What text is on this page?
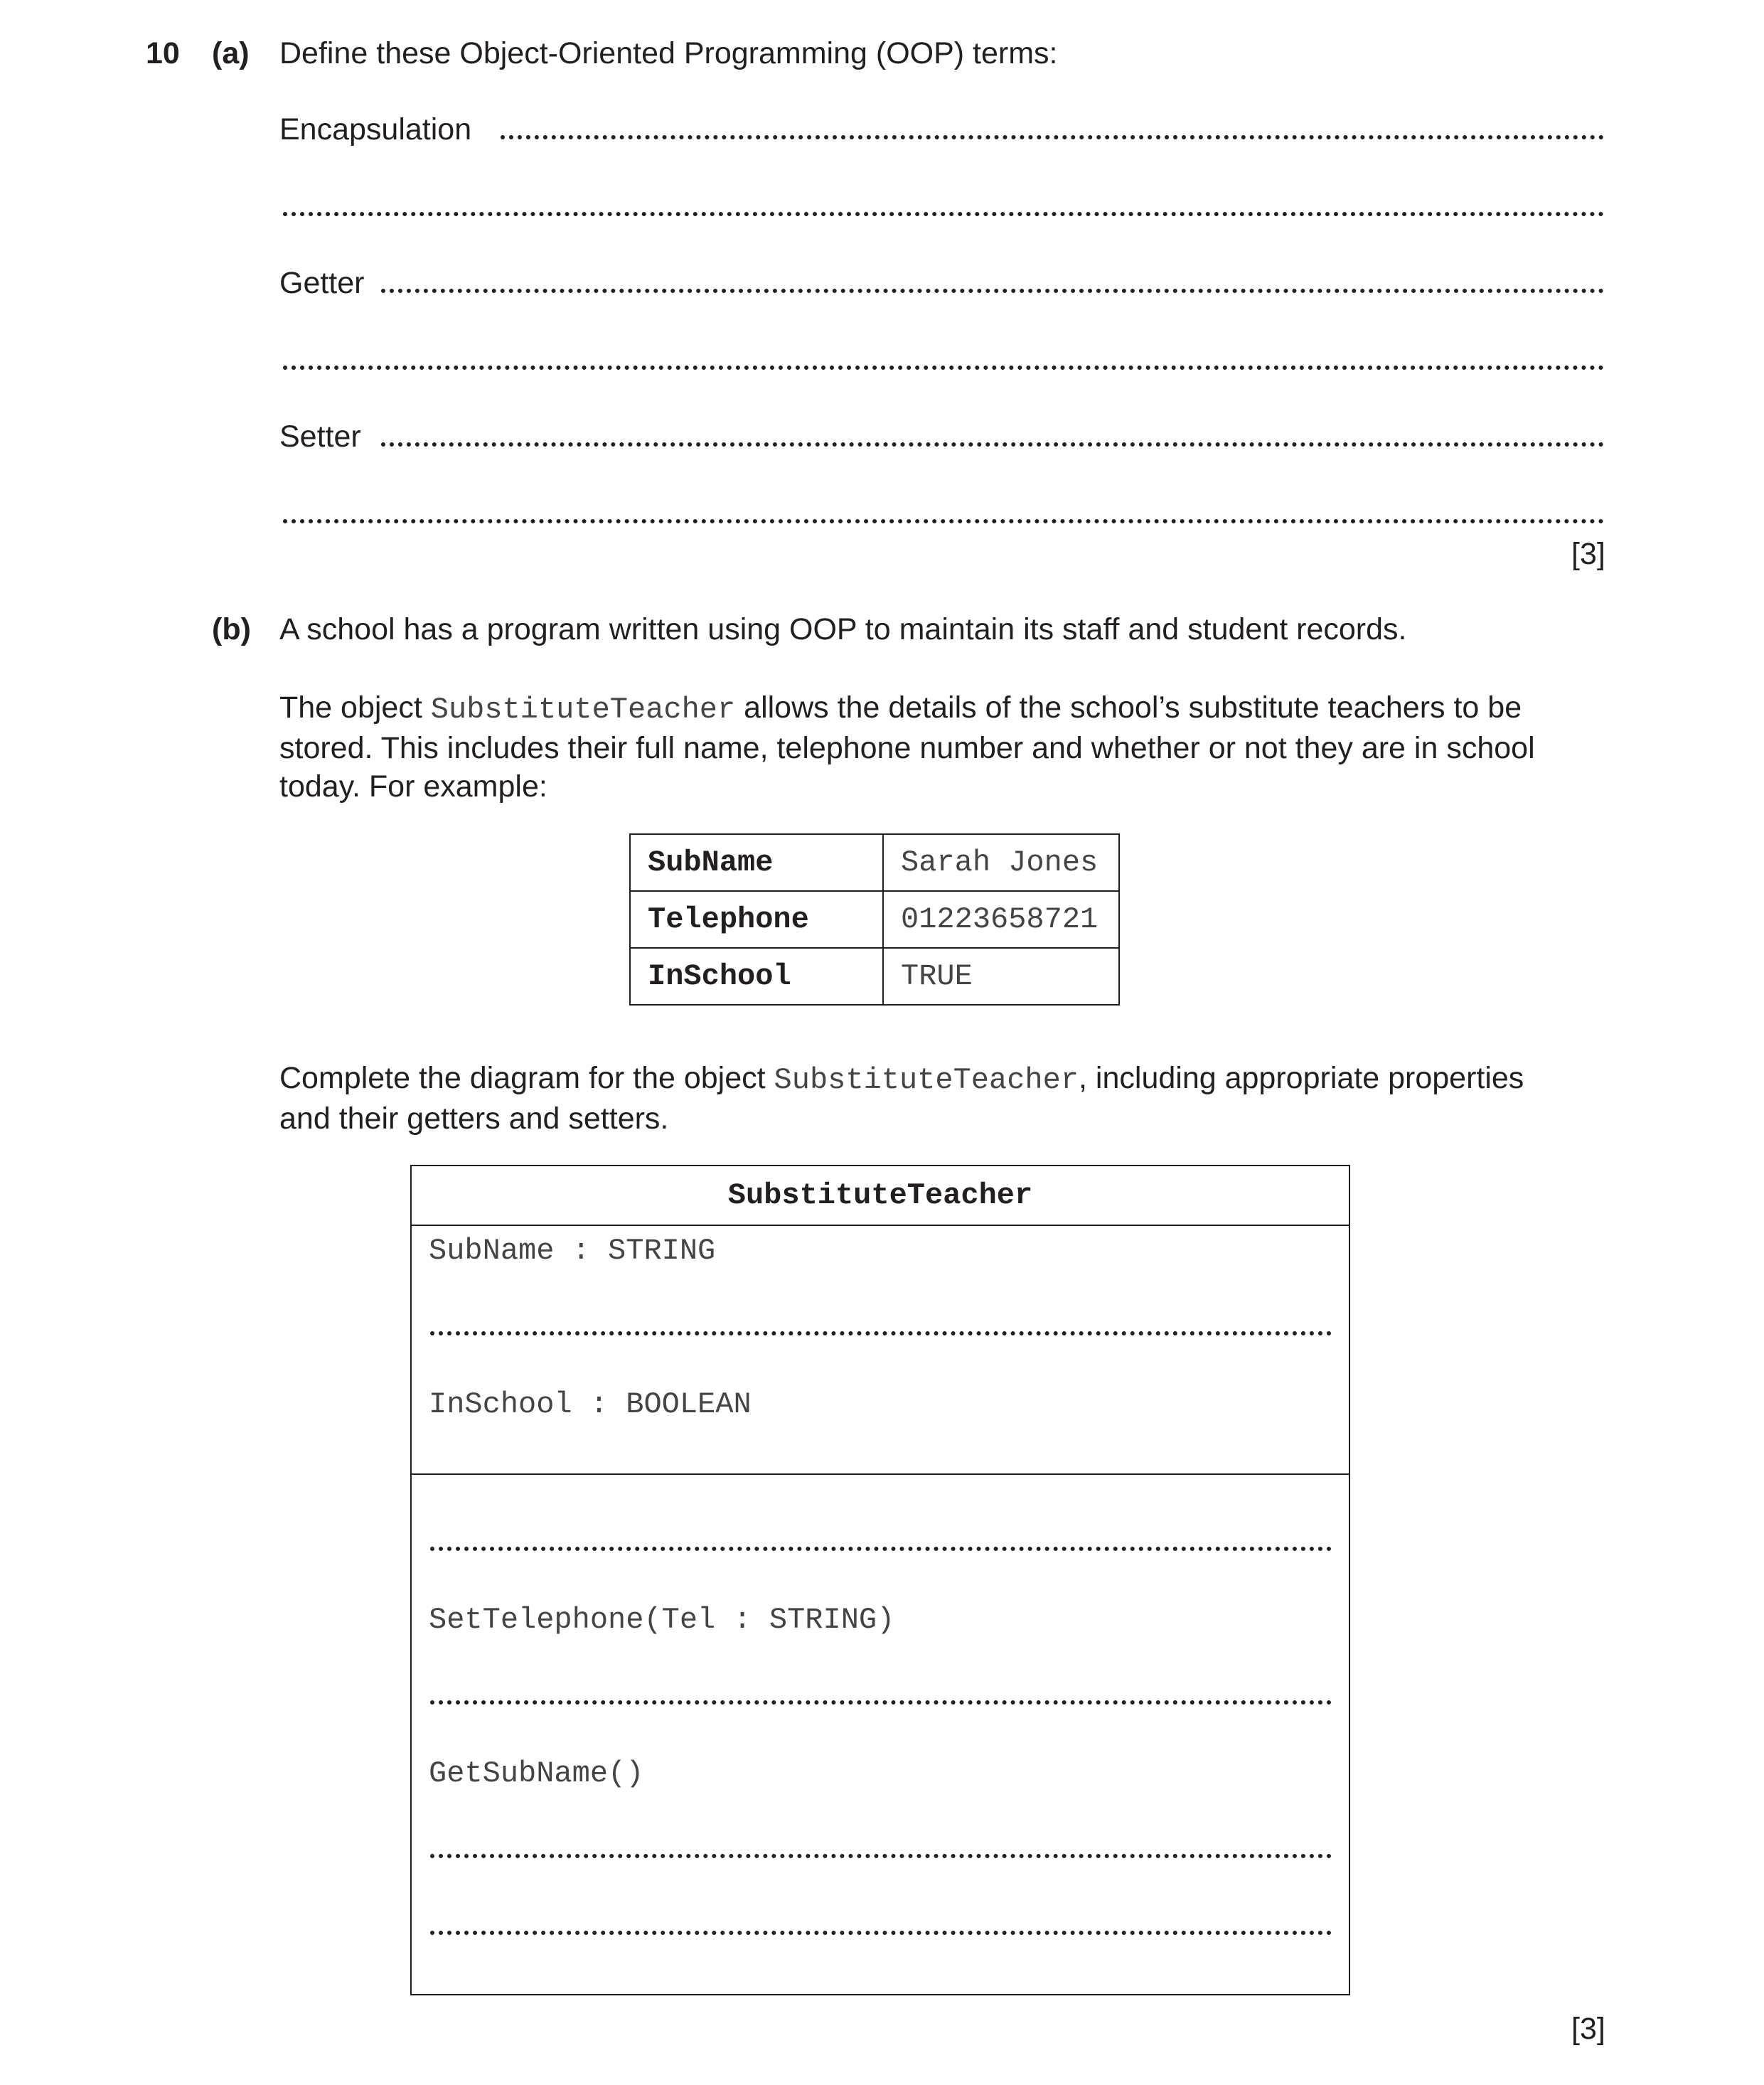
10 (a) Define these Object-Oriented Programming (OOP) terms:
Encapsulation
Getter
Setter
[3]
(b) A school has a program written using OOP to maintain its staff and student records.
The object SubstituteTeacher allows the details of the school’s substitute teachers to be
stored. This includes their full name, telephone number and whether or not they are in school
today. For example:
SubName	Sarah Jones
Telephone	01223658721
InSchool	TRUE
Complete the diagram for the object SubstituteTeacher, including appropriate properties
and their getters and setters.
SubstituteTeacher
SubName : STRING
InSchool : BOOLEAN
SetTelephone(Tel : STRING)
GetSubName()
[3]
